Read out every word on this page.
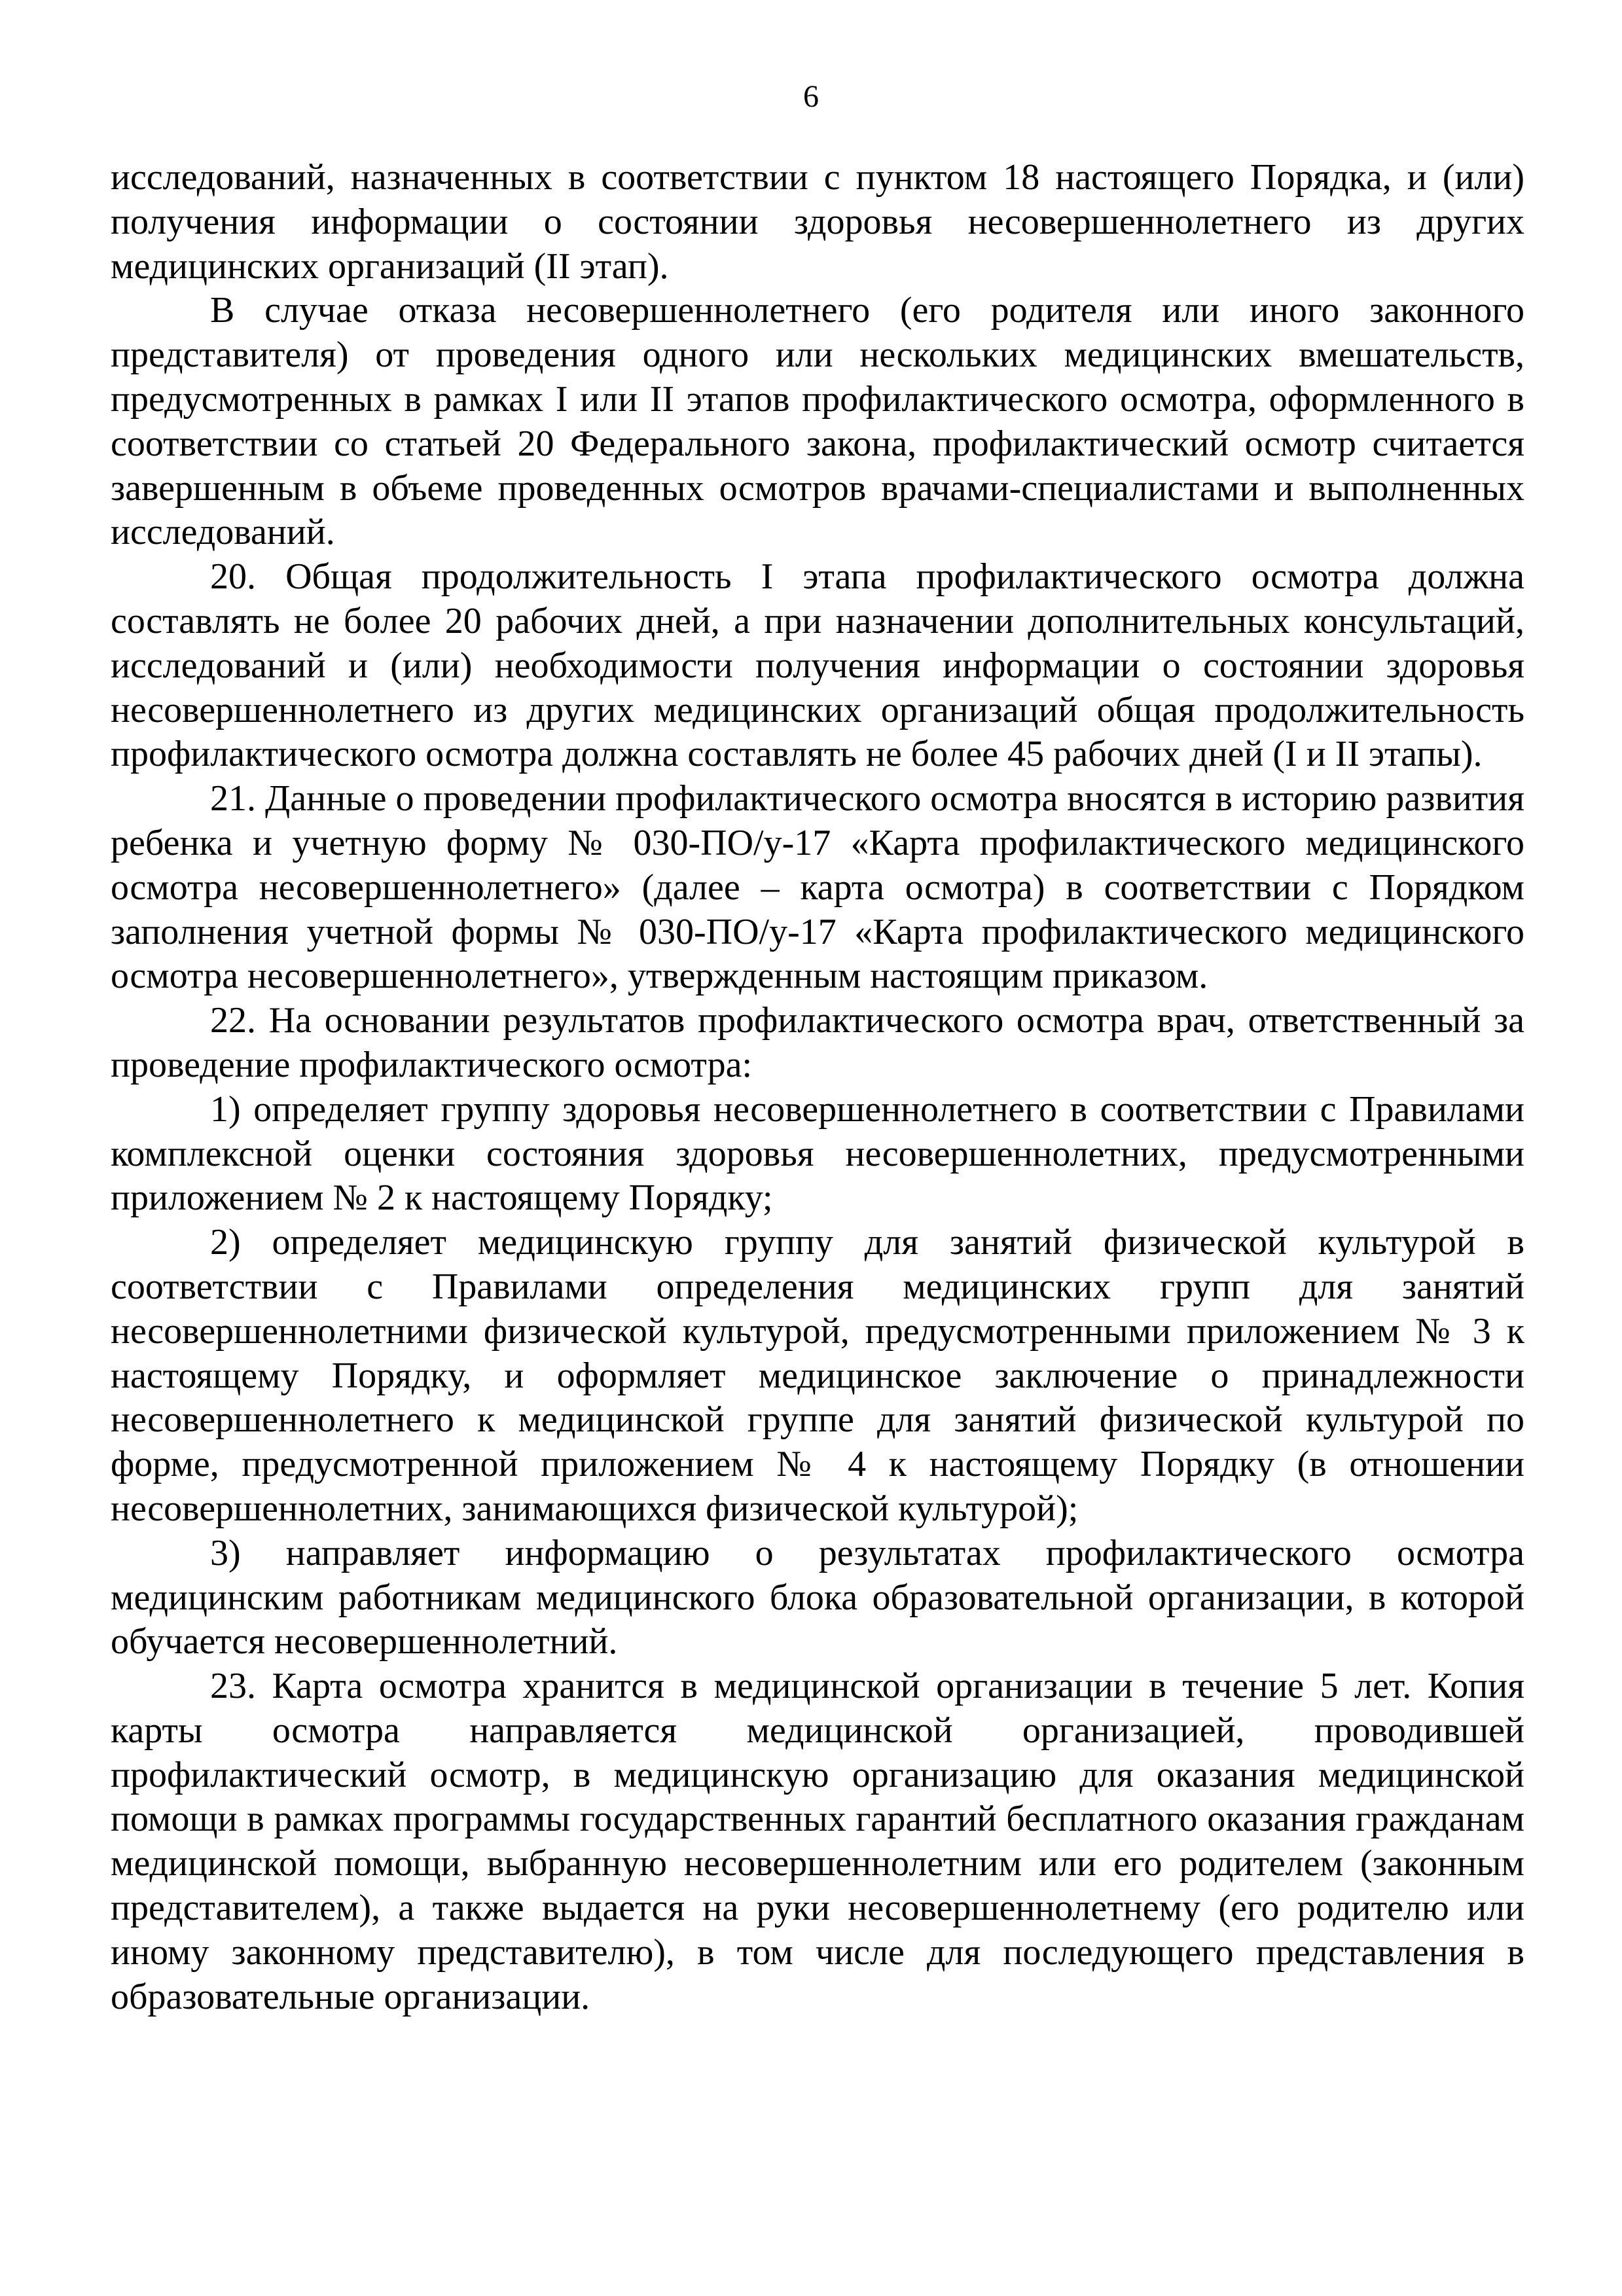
6

исследований, назначенных в соответствии с пунктом 18 настоящего Порядка, и (или) получения информации о состоянии здоровья несовершеннолетнего из других медицинских организаций (II этап).

В случае отказа несовершеннолетнего (его родителя или иного законного представителя) от проведения одного или нескольких медицинских вмешательств, предусмотренных в рамках I или II этапов профилактического осмотра, оформленного в соответствии со статьей 20 Федерального закона, профилактический осмотр считается завершенным в объеме проведенных осмотров врачами-специалистами и выполненных исследований.

20. Общая продолжительность I этапа профилактического осмотра должна составлять не более 20 рабочих дней, а при назначении дополнительных консультаций, исследований и (или) необходимости получения информации о состоянии здоровья несовершеннолетнего из других медицинских организаций общая продолжительность профилактического осмотра должна составлять не более 45 рабочих дней (I и II этапы).

21. Данные о проведении профилактического осмотра вносятся в историю развития ребенка и учетную форму № 030-ПО/у-17 «Карта профилактического медицинского осмотра несовершеннолетнего» (далее – карта осмотра) в соответствии с Порядком заполнения учетной формы № 030-ПО/у-17 «Карта профилактического медицинского осмотра несовершеннолетнего», утвержденным настоящим приказом.

22. На основании результатов профилактического осмотра врач, ответственный за проведение профилактического осмотра:

1) определяет группу здоровья несовершеннолетнего в соответствии с Правилами комплексной оценки состояния здоровья несовершеннолетних, предусмотренными приложением № 2 к настоящему Порядку;

2) определяет медицинскую группу для занятий физической культурой в соответствии с Правилами определения медицинских групп для занятий несовершеннолетними физической культурой, предусмотренными приложением № 3 к настоящему Порядку, и оформляет медицинское заключение о принадлежности несовершеннолетнего к медицинской группе для занятий физической культурой по форме, предусмотренной приложением № 4 к настоящему Порядку (в отношении несовершеннолетних, занимающихся физической культурой);

3) направляет информацию о результатах профилактического осмотра медицинским работникам медицинского блока образовательной организации, в которой обучается несовершеннолетний.

23. Карта осмотра хранится в медицинской организации в течение 5 лет. Копия карты осмотра направляется медицинской организацией, проводившей профилактический осмотр, в медицинскую организацию для оказания медицинской помощи в рамках программы государственных гарантий бесплатного оказания гражданам медицинской помощи, выбранную несовершеннолетним или его родителем (законным представителем), а также выдается на руки несовершеннолетнему (его родителю или иному законному представителю), в том числе для последующего представления в образовательные организации.
